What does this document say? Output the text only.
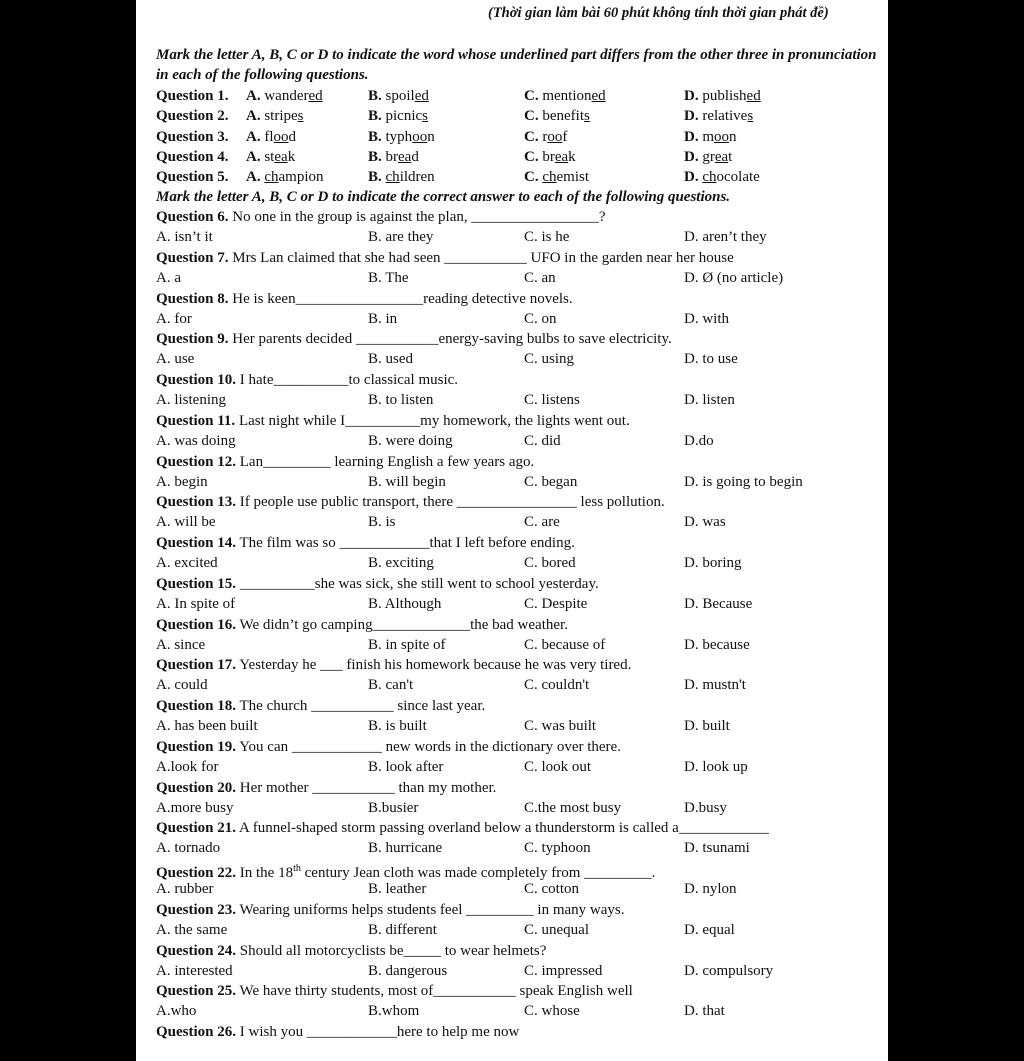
(Thời gian làm bài 60 phút không tính thời gian phát đề)
Mark the letter A, B, C or D to indicate the word whose underlined part differs from the other three in pronunciation in each of the following questions.
Question 1. A. wandered	B. spoiled	C. mentioned	D. published
Question 2. A. stripes	B. picnics	C. benefits	D. relatives
Question 3. A. flood	B. typhoon	C. roof	D. moon
Question 4. A. steak	B. bread	C. break	D. great
Question 5. A. champion	B. children	C. chemist	D. chocolate
Mark the letter A, B, C or D to indicate the correct answer to each of the following questions.
Question 6. No one in the group is against the plan, _________________?
A. isn’t it	B. are they	C. is he	D. aren’t they
Question 7. Mrs Lan claimed that she had seen ___________ UFO in the garden near her house
A. a	B. The	C. an	D. Ø (no article)
Question 8. He is keen_________________reading detective novels.
A. for	B. in	C. on	D. with
Question 9. Her parents decided ___________energy-saving bulbs to save electricity.
A. use	B. used	C. using	D. to use
Question 10. I hate__________to classical music.
A. listening	B. to listen	C. listens	D. listen
Question 11. Last night while I__________my homework, the lights went out.
A. was doing	B. were doing	C. did	D.do
Question 12. Lan_________ learning English a few years ago.
A. begin	B. will begin	C. began	D. is going to begin
Question 13. If people use public transport, there ________________ less pollution.
A. will be	B. is	C. are	D. was
Question 14. The film was so ____________that I left before ending.
A. excited	B. exciting	C. bored	D. boring
Question 15. __________she was sick, she still went to school yesterday.
A. In spite of	B. Although	C. Despite	D. Because
Question 16. We didn’t go camping_____________the bad weather.
A. since	B. in spite of	C. because of	D. because
Question 17. Yesterday he ___ finish his homework because he was very tired.
A. could	B. can't	C. couldn't	D. mustn't
Question 18. The church ___________ since last year.
A. has been built	B. is built	C. was built	D. built
Question 19. You can ____________ new words in the dictionary over there.
A.look for	B. look after	C. look out	D. look up
Question 20. Her mother ___________ than my mother.
A.more busy	B.busier	C.the most busy	D.busy
Question 21. A funnel-shaped storm passing overland below a thunderstorm is called a____________
A. tornado	B. hurricane	C. typhoon	D. tsunami
Question 22. In the 18th century Jean cloth was made completely from _________.
A. rubber	B. leather	C. cotton	D. nylon
Question 23. Wearing uniforms helps students feel _________ in many ways.
A. the same	B. different	C. unequal	D. equal
Question 24. Should all motorcyclists be_____ to wear helmets?
A. interested	B. dangerous	C. impressed	D. compulsory
Question 25. We have thirty students, most of___________ speak English well
A.who	B.whom	C. whose	D. that
Question 26. I wish you ____________here to help me now
